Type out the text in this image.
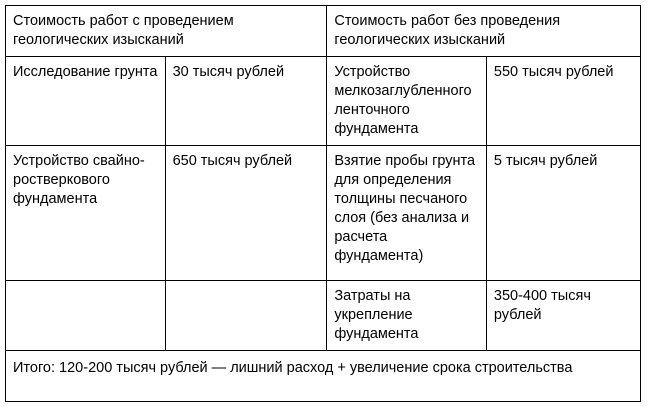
Стоимость работ с проведением геологических изысканий		Стоимость работ без проведения геологических изысканий	
Исследование грунта	30 тысяч рублей	Устройство мелкозаглубленного ленточного фундамента	550 тысяч рублей
Устройство свайно-ростверкового фундамента	650 тысяч рублей	Взятие пробы грунта для определения толщины песчаного слоя (без анализа и расчета фундамента)	5 тысяч рублей
		Затраты на укрепление фундамента	350-400 тысяч рублей
Итого: 120-200 тысяч рублей — лишний расход + увеличение срока строительства			
